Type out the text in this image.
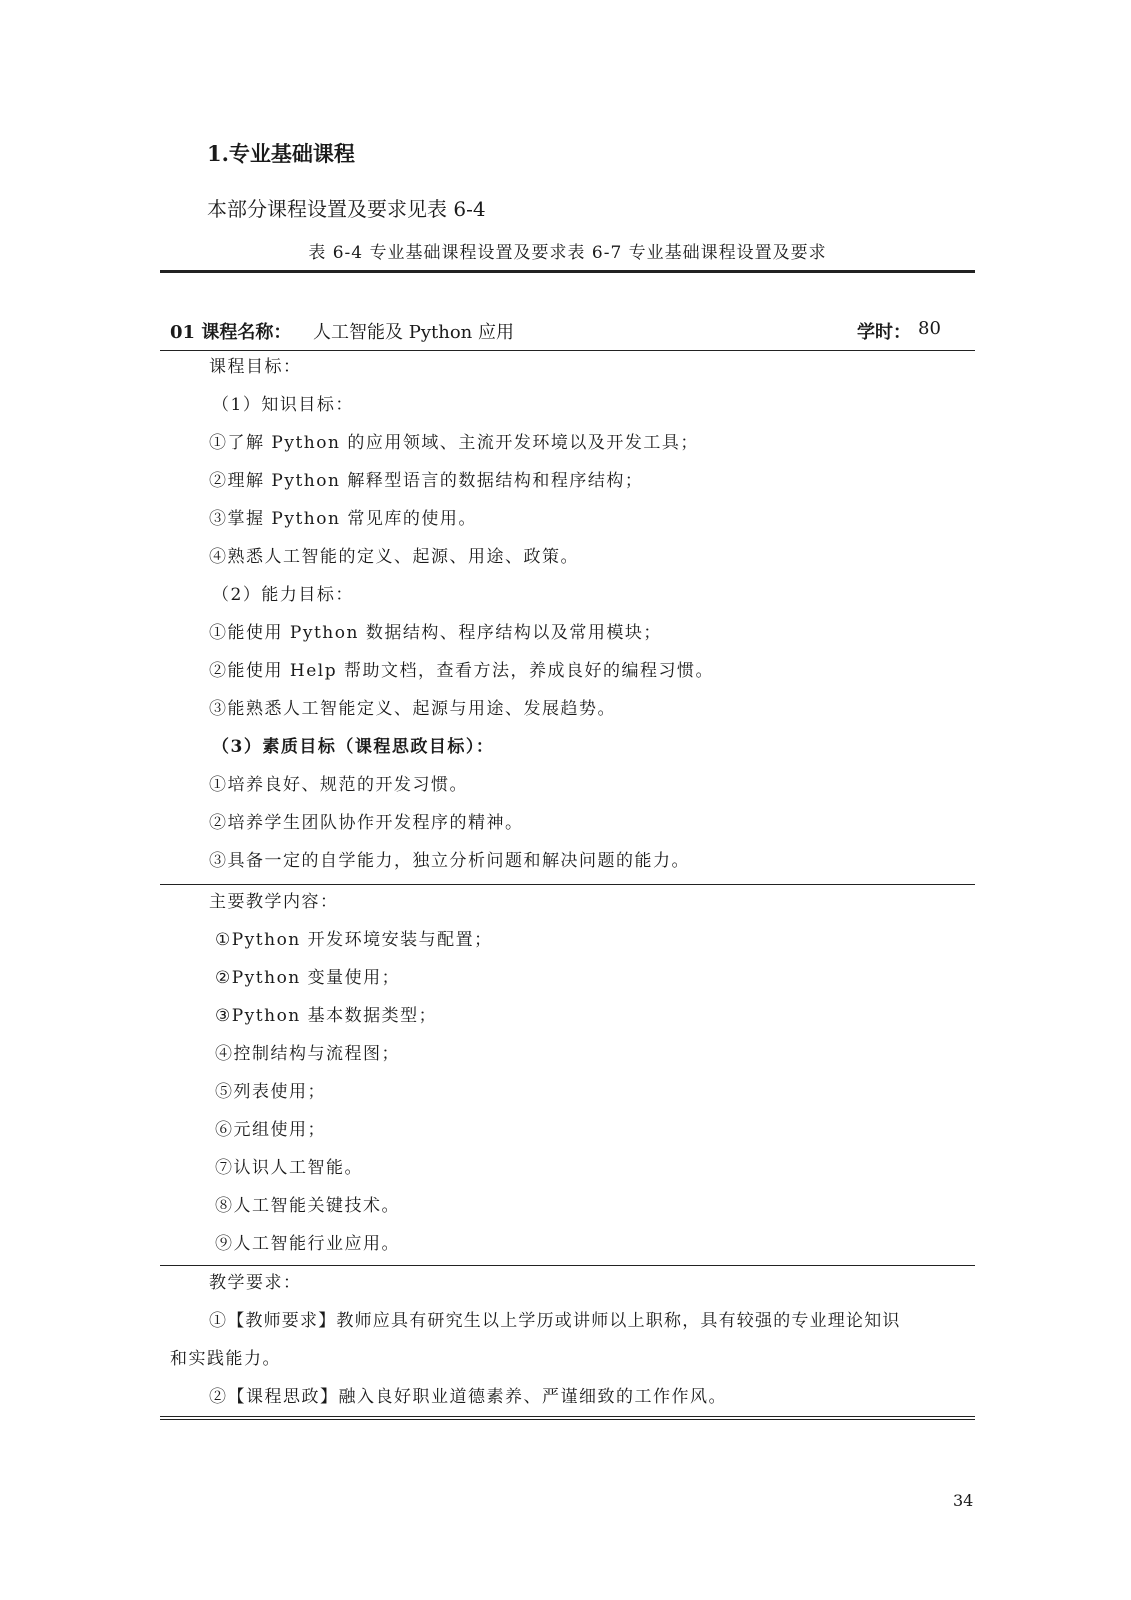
1.专业基础课程
本部分课程设置及要求见表 6-4
表 6-4 专业基础课程设置及要求表 6-7 专业基础课程设置及要求
01 课程名称： 人工智能及 Python 应用	学时： 80
课程目标：
（1）知识目标：
①了解 Python 的应用领域、主流开发环境以及开发工具；
②理解 Python 解释型语言的数据结构和程序结构；
③掌握 Python 常见库的使用。
④熟悉人工智能的定义、起源、用途、政策。
（2）能力目标：
①能使用 Python 数据结构、程序结构以及常用模块；
②能使用 Help 帮助文档，查看方法，养成良好的编程习惯。
③能熟悉人工智能定义、起源与用途、发展趋势。
（3）素质目标（课程思政目标）：
①培养良好、规范的开发习惯。
②培养学生团队协作开发程序的精神。
③具备一定的自学能力，独立分析问题和解决问题的能力。
主要教学内容：
①Python 开发环境安装与配置；
②Python 变量使用；
③Python 基本数据类型；
④控制结构与流程图；
⑤列表使用；
⑥元组使用；
⑦认识人工智能。
⑧人工智能关键技术。
⑨人工智能行业应用。
教学要求：
①【教师要求】教师应具有研究生以上学历或讲师以上职称，具有较强的专业理论知识
和实践能力。
②【课程思政】融入良好职业道德素养、严谨细致的工作作风。
34
